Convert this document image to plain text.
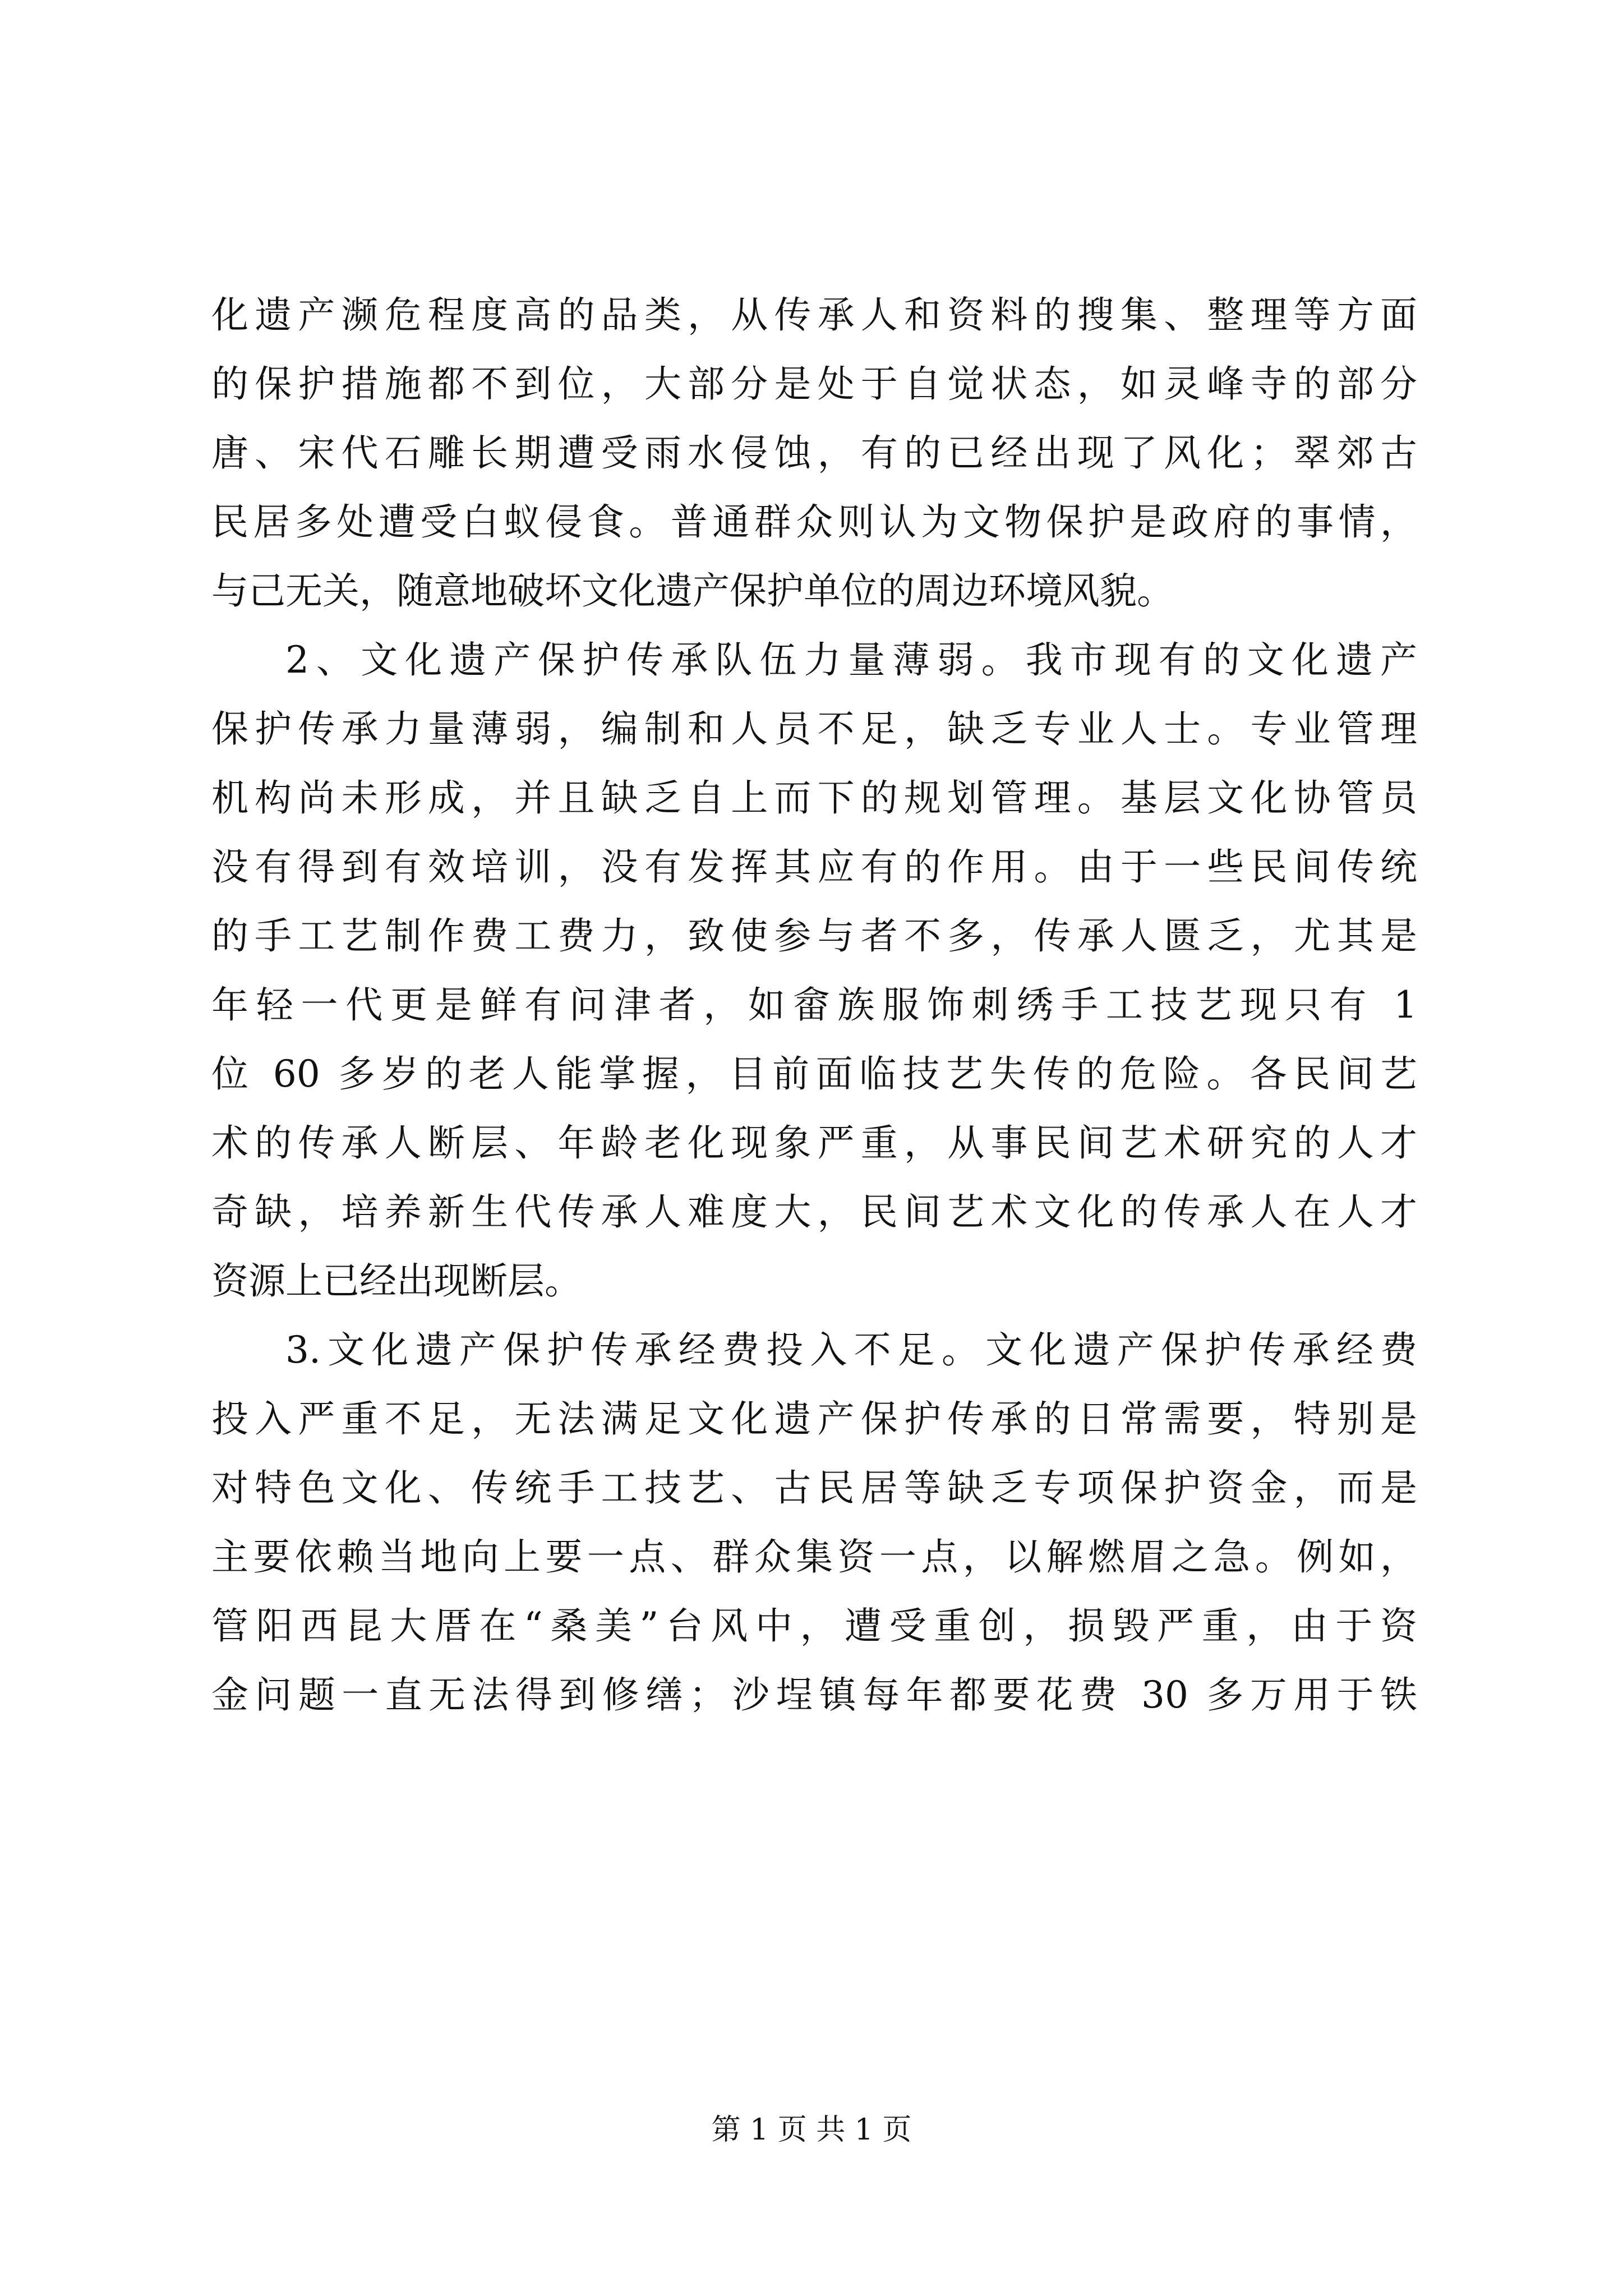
化遗产濒危程度高的品类，从传承人和资料的搜集、整理等方面
的保护措施都不到位，大部分是处于自觉状态，如灵峰寺的部分
唐、宋代石雕长期遭受雨水侵蚀，有的已经出现了风化；翠郊古
民居多处遭受白蚁侵食。普通群众则认为文物保护是政府的事情，
与己无关，随意地破坏文化遗产保护单位的周边环境风貌。
2、文化遗产保护传承队伍力量薄弱。我市现有的文化遗产
保护传承力量薄弱，编制和人员不足，缺乏专业人士。专业管理
机构尚未形成，并且缺乏自上而下的规划管理。基层文化协管员
没有得到有效培训，没有发挥其应有的作用。由于一些民间传统
的手工艺制作费工费力，致使参与者不多，传承人匮乏，尤其是
年轻一代更是鲜有问津者，如畲族服饰刺绣手工技艺现只有 1
位 60 多岁的老人能掌握，目前面临技艺失传的危险。各民间艺
术的传承人断层、年龄老化现象严重，从事民间艺术研究的人才
奇缺，培养新生代传承人难度大，民间艺术文化的传承人在人才
资源上已经出现断层。
3.文化遗产保护传承经费投入不足。文化遗产保护传承经费
投入严重不足，无法满足文化遗产保护传承的日常需要，特别是
对特色文化、传统手工技艺、古民居等缺乏专项保护资金，而是
主要依赖当地向上要一点、群众集资一点，以解燃眉之急。例如，
管阳西昆大厝在“桑美”台风中，遭受重创，损毁严重，由于资
金问题一直无法得到修缮；沙埕镇每年都要花费 30 多万用于铁
第 1 页 共 1 页
